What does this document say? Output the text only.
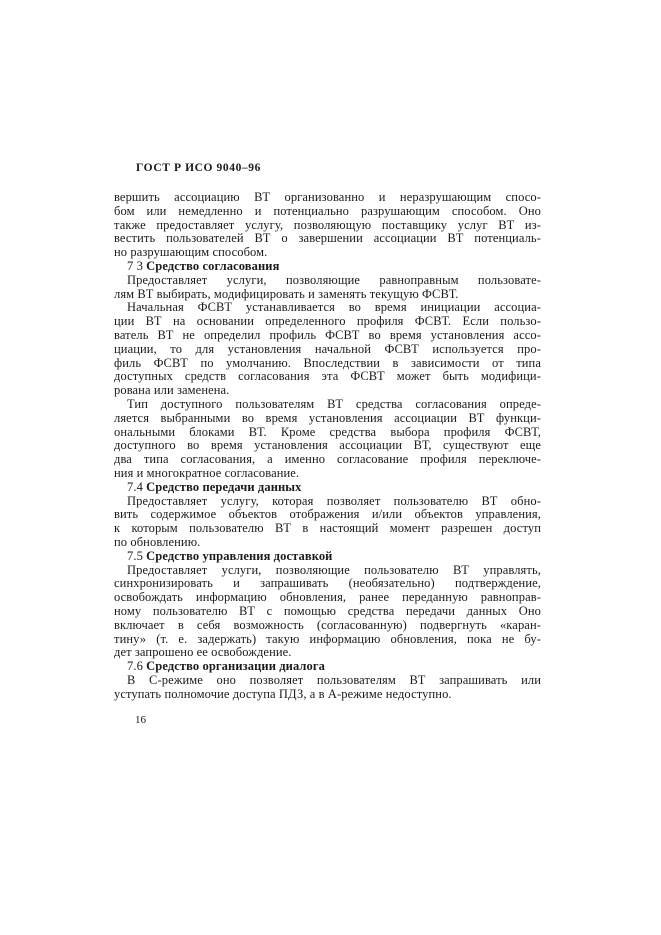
ГОСТ Р ИСО 9040–96
вершить ассоциацию ВТ организованно и неразрушающим спосо-
бом или немедленно и потенциально разрушающим способом. Оно
также предоставляет услугу, позволяющую поставщику услуг ВТ из-
вестить пользователей ВТ о завершении ассоциации ВТ потенциаль-
но разрушающим способом.
7 3 Средство согласования
Предоставляет услуги, позволяющие равноправным пользовате-
лям ВТ выбирать, модифицировать и заменять текущую ФСВТ.
Начальная ФСВТ устанавливается во время инициации ассоциа-
ции ВТ на основании определенного профиля ФСВТ. Если пользо-
ватель ВТ не определил профиль ФСВТ во время установления ассо-
циации, то для установления начальной ФСВТ используется про-
филь ФСВТ по умолчанию. Впоследствии в зависимости от типа
доступных средств согласования эта ФСВТ может быть модифици-
рована или заменена.
Тип доступного пользователям ВТ средства согласования опреде-
ляется выбранными во время установления ассоциации ВТ функци-
ональными блоками ВТ. Кроме средства выбора профиля ФСВТ,
доступного во время установления ассоциации ВТ, существуют еще
два типа согласования, а именно согласование профиля переключе-
ния и многократное согласование.
7.4 Средство передачи данных
Предоставляет услугу, которая позволяет пользователю ВТ обно-
вить содержимое объектов отображения и/или объектов управления,
к которым пользователю ВТ в настоящий момент разрешен доступ
по обновлению.
7.5 Средство управления доставкой
Предоставляет услуги, позволяющие пользователю ВТ управлять,
синхронизировать и запрашивать (необязательно) подтверждение,
освобождать информацию обновления, ранее переданную равноправ-
ному пользователю ВТ с помощью средства передачи данных Оно
включает в себя возможность (согласованную) подвергнуть «каран-
тину» (т. е. задержать) такую информацию обновления, пока не бу-
дет запрошено ее освобождение.
7.6 Средство организации диалога
В С-режиме оно позволяет пользователям ВТ запрашивать или
уступать полномочие доступа ПДЗ, а в А-режиме недоступно.
16
